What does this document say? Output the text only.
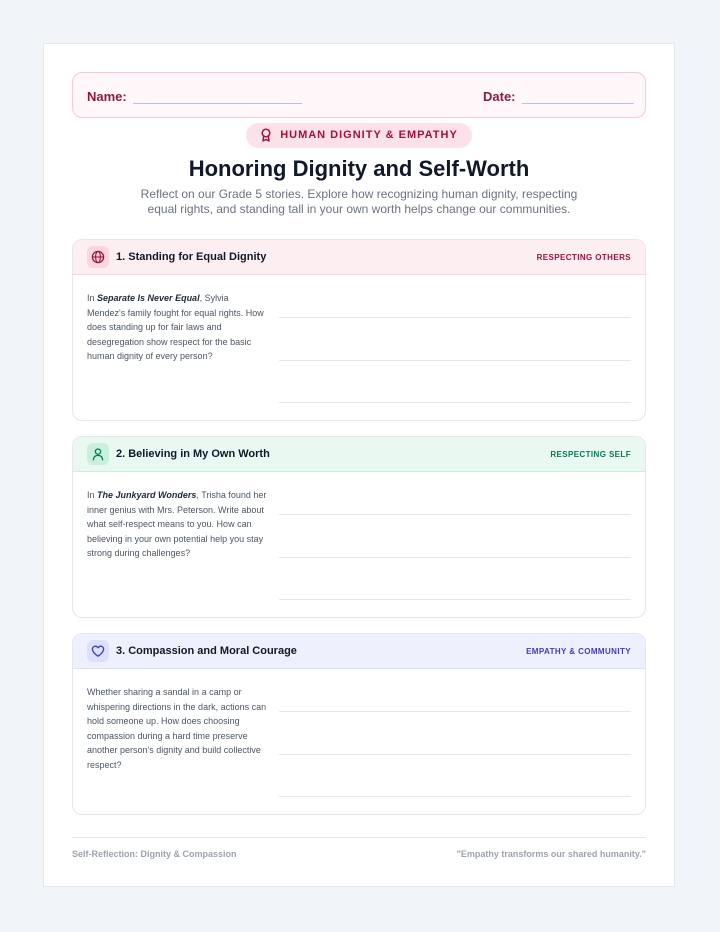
Name:	Date:
HUMAN DIGNITY & EMPATHY
Honoring Dignity and Self-Worth
Reflect on our Grade 5 stories. Explore how recognizing human dignity, respecting equal rights, and standing tall in your own worth helps change our communities.
1. Standing for Equal Dignity	RESPECTING OTHERS
In Separate Is Never Equal, Sylvia Mendez's family fought for equal rights. How does standing up for fair laws and desegregation show respect for the basic human dignity of every person?
2. Believing in My Own Worth	RESPECTING SELF
In The Junkyard Wonders, Trisha found her inner genius with Mrs. Peterson. Write about what self-respect means to you. How can believing in your own potential help you stay strong during challenges?
3. Compassion and Moral Courage	EMPATHY & COMMUNITY
Whether sharing a sandal in a camp or whispering directions in the dark, actions can hold someone up. How does choosing compassion during a hard time preserve another person's dignity and build collective respect?
Self-Reflection: Dignity & Compassion	"Empathy transforms our shared humanity."
